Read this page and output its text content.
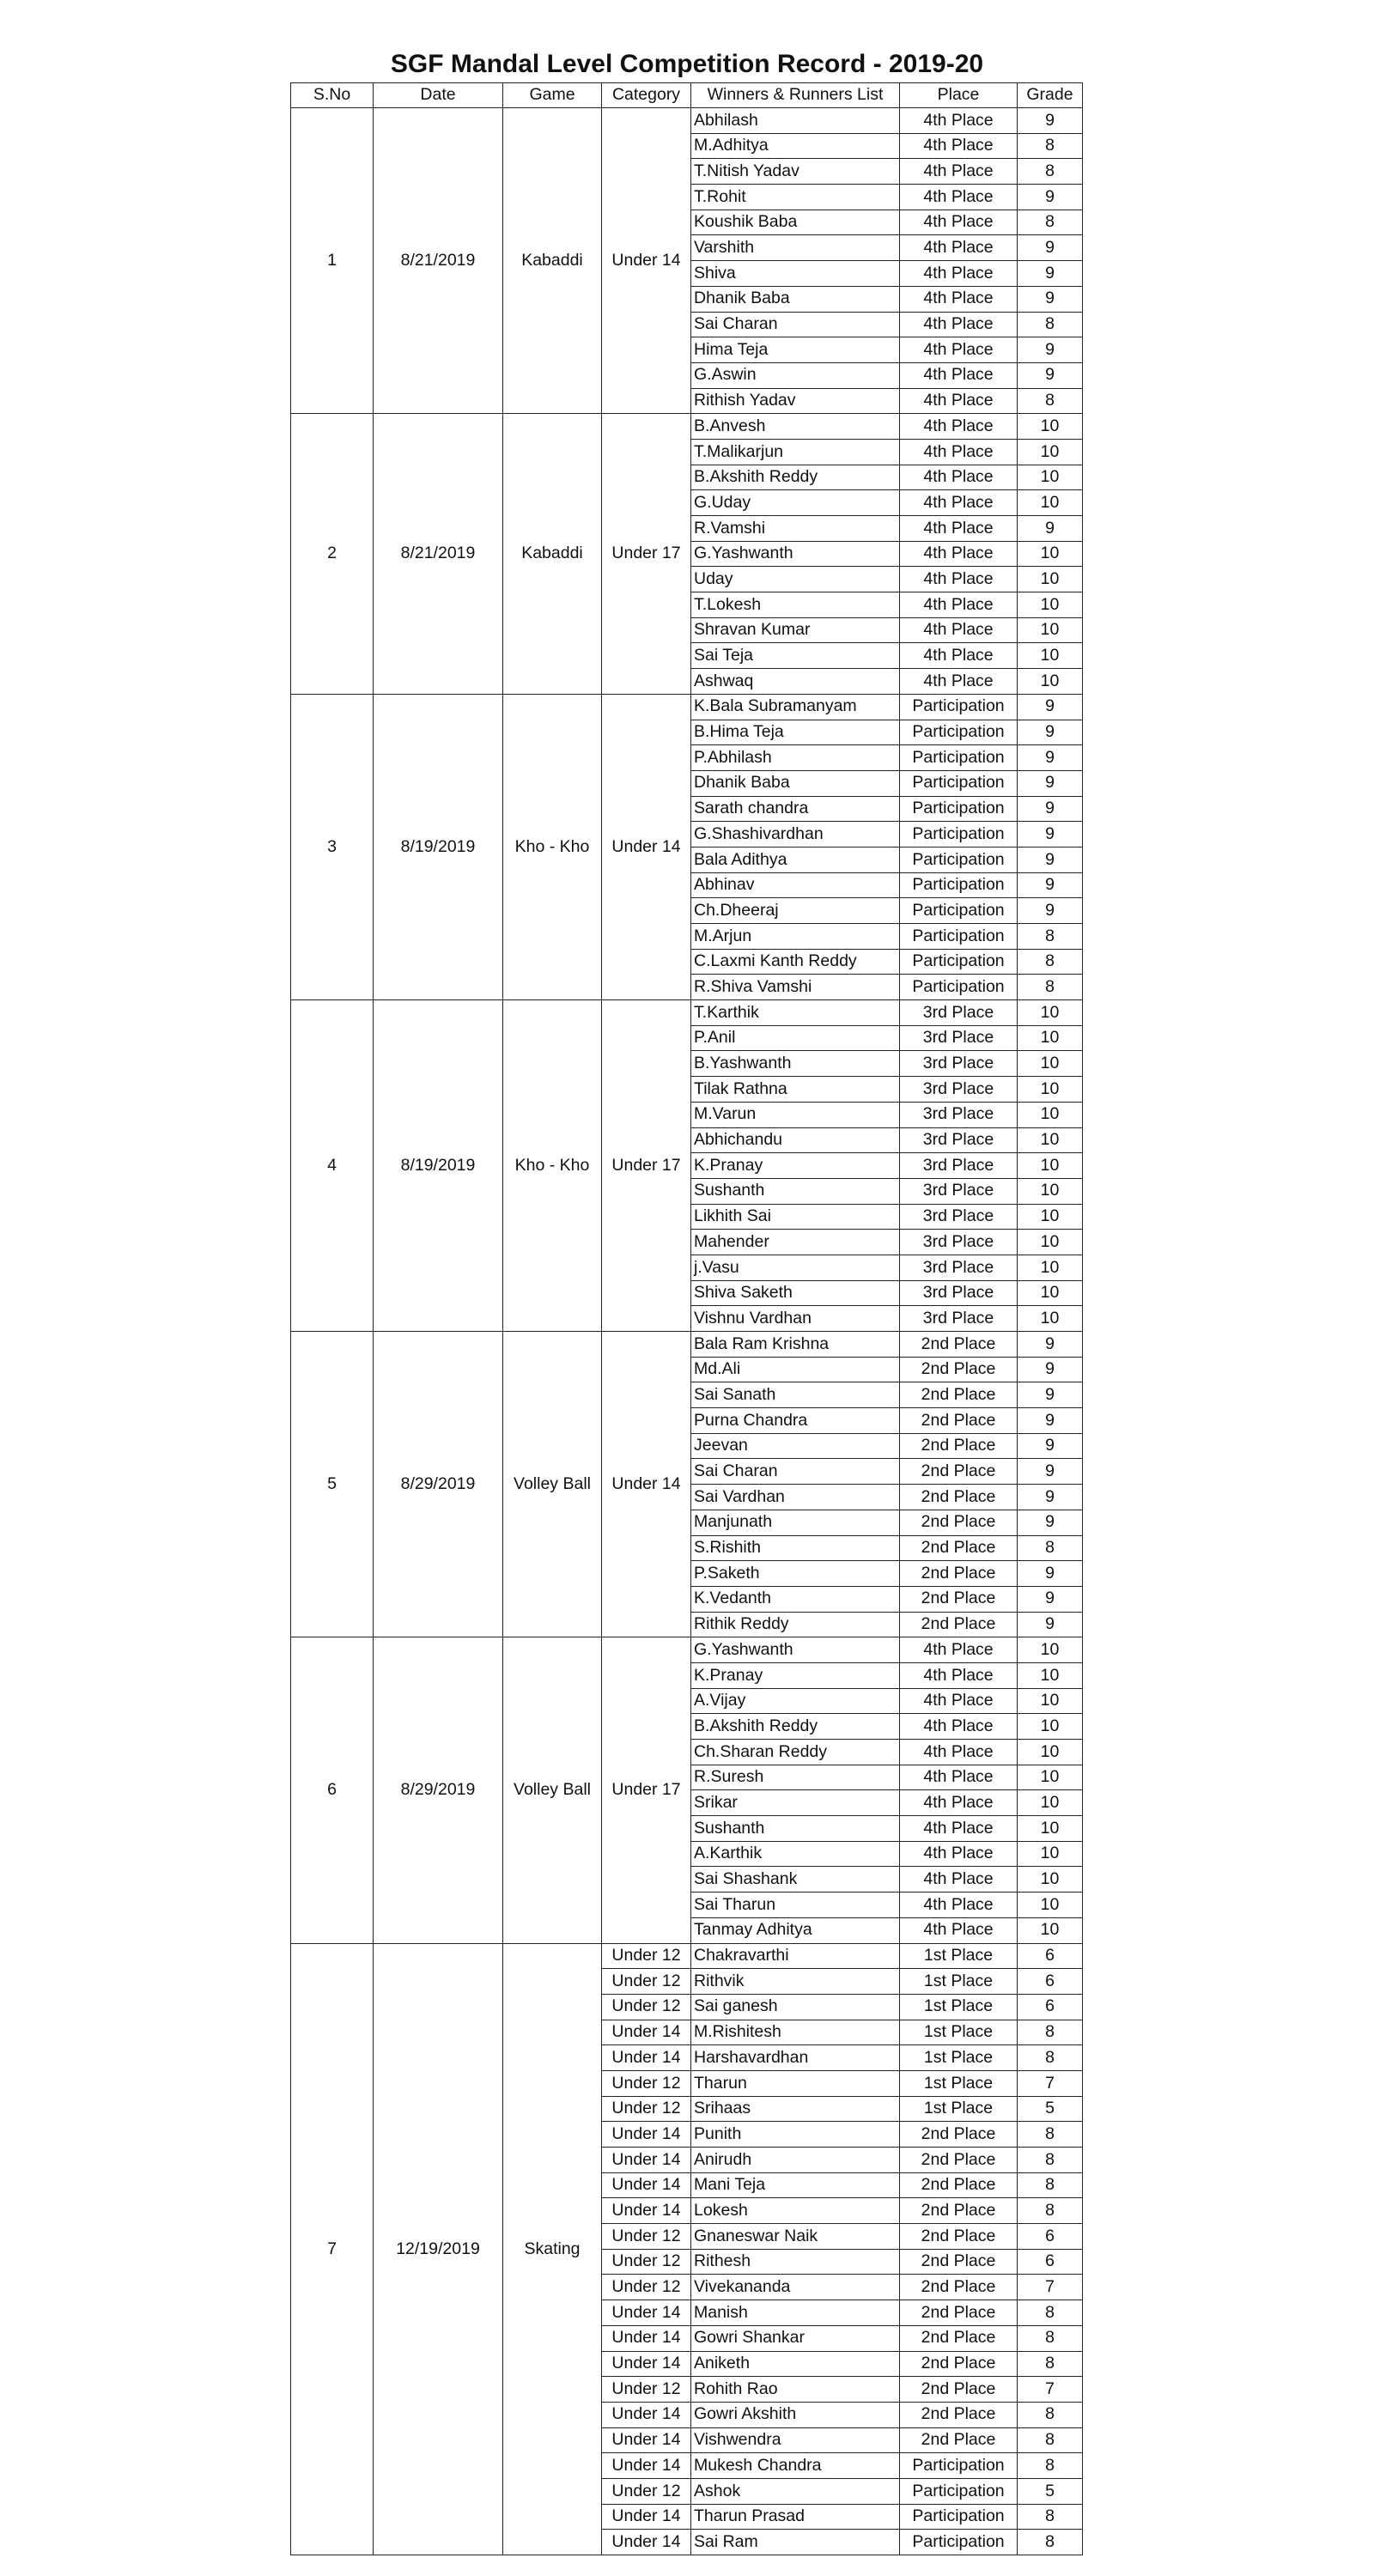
SGF Mandal Level Competition Record - 2019-20
S.No	Date	Game	Category	Winners & Runners List	Place	Grade
1	8/21/2019	Kabaddi	Under 14	Abhilash	4th Place	9
				M.Adhitya	4th Place	8
				T.Nitish Yadav	4th Place	8
				T.Rohit	4th Place	9
				Koushik Baba	4th Place	8
				Varshith	4th Place	9
				Shiva	4th Place	9
				Dhanik Baba	4th Place	9
				Sai Charan	4th Place	8
				Hima Teja	4th Place	9
				G.Aswin	4th Place	9
				Rithish Yadav	4th Place	8
2	8/21/2019	Kabaddi	Under 17	B.Anvesh	4th Place	10
				T.Malikarjun	4th Place	10
				B.Akshith Reddy	4th Place	10
				G.Uday	4th Place	10
				R.Vamshi	4th Place	9
				G.Yashwanth	4th Place	10
				Uday	4th Place	10
				T.Lokesh	4th Place	10
				Shravan Kumar	4th Place	10
				Sai Teja	4th Place	10
				Ashwaq	4th Place	10
3	8/19/2019	Kho - Kho	Under 14	K.Bala Subramanyam	Participation	9
				B.Hima Teja	Participation	9
				P.Abhilash	Participation	9
				Dhanik Baba	Participation	9
				Sarath chandra	Participation	9
				G.Shashivardhan	Participation	9
				Bala Adithya	Participation	9
				Abhinav	Participation	9
				Ch.Dheeraj	Participation	9
				M.Arjun	Participation	8
				C.Laxmi Kanth Reddy	Participation	8
				R.Shiva Vamshi	Participation	8
4	8/19/2019	Kho - Kho	Under 17	T.Karthik	3rd Place	10
				P.Anil	3rd Place	10
				B.Yashwanth	3rd Place	10
				Tilak Rathna	3rd Place	10
				M.Varun	3rd Place	10
				Abhichandu	3rd Place	10
				K.Pranay	3rd Place	10
				Sushanth	3rd Place	10
				Likhith Sai	3rd Place	10
				Mahender	3rd Place	10
				j.Vasu	3rd Place	10
				Shiva Saketh	3rd Place	10
				Vishnu Vardhan	3rd Place	10
5	8/29/2019	Volley Ball	Under 14	Bala Ram Krishna	2nd Place	9
				Md.Ali	2nd Place	9
				Sai Sanath	2nd Place	9
				Purna Chandra	2nd Place	9
				Jeevan	2nd Place	9
				Sai Charan	2nd Place	9
				Sai Vardhan	2nd Place	9
				Manjunath	2nd Place	9
				S.Rishith	2nd Place	8
				P.Saketh	2nd Place	9
				K.Vedanth	2nd Place	9
				Rithik Reddy	2nd Place	9
6	8/29/2019	Volley Ball	Under 17	G.Yashwanth	4th Place	10
				K.Pranay	4th Place	10
				A.Vijay	4th Place	10
				B.Akshith Reddy	4th Place	10
				Ch.Sharan Reddy	4th Place	10
				R.Suresh	4th Place	10
				Srikar	4th Place	10
				Sushanth	4th Place	10
				A.Karthik	4th Place	10
				Sai Shashank	4th Place	10
				Sai Tharun	4th Place	10
				Tanmay Adhitya	4th Place	10
7	12/19/2019	Skating	Under 12	Chakravarthi	1st Place	6
			Under 12	Rithvik	1st Place	6
			Under 12	Sai ganesh	1st Place	6
			Under 14	M.Rishitesh	1st Place	8
			Under 14	Harshavardhan	1st Place	8
			Under 12	Tharun	1st Place	7
			Under 12	Srihaas	1st Place	5
			Under 14	Punith	2nd Place	8
			Under 14	Anirudh	2nd Place	8
			Under 14	Mani Teja	2nd Place	8
			Under 14	Lokesh	2nd Place	8
			Under 12	Gnaneswar Naik	2nd Place	6
			Under 12	Rithesh	2nd Place	6
			Under 12	Vivekananda	2nd Place	7
			Under 14	Manish	2nd Place	8
			Under 14	Gowri Shankar	2nd Place	8
			Under 14	Aniketh	2nd Place	8
			Under 12	Rohith Rao	2nd Place	7
			Under 14	Gowri Akshith	2nd Place	8
			Under 14	Vishwendra	2nd Place	8
			Under 14	Mukesh Chandra	Participation	8
			Under 12	Ashok	Participation	5
			Under 14	Tharun Prasad	Participation	8
			Under 14	Sai Ram	Participation	8
